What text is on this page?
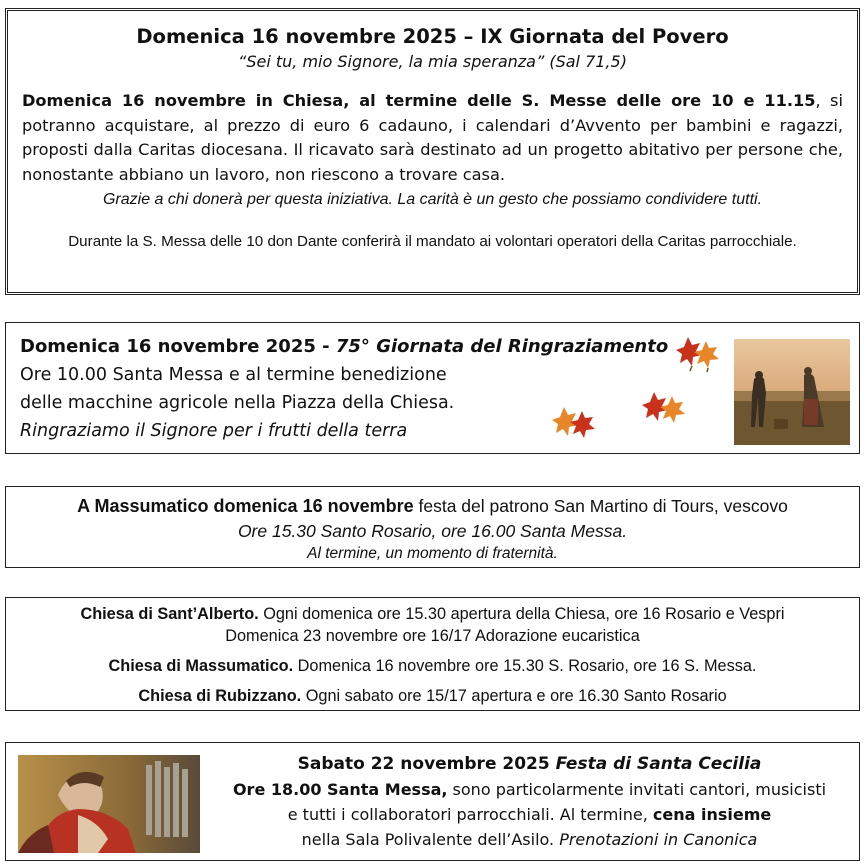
Domenica 16 novembre 2025 – IX Giornata del Povero
“Sei tu, mio Signore, la mia speranza” (Sal 71,5)
Domenica 16 novembre in Chiesa, al termine delle S. Messe delle ore 10 e 11.15, si potranno acquistare, al prezzo di euro 6 cadauno, i calendari d’Avvento per bambini e ragazzi, proposti dalla Caritas diocesana. Il ricavato sarà destinato ad un progetto abitativo per persone che, nonostante abbiano un lavoro, non riescono a trovare casa.
Grazie a chi donerà per questa iniziativa. La carità è un gesto che possiamo condividere tutti.
Durante la S. Messa delle 10 don Dante conferirà il mandato ai volontari operatori della Caritas parrocchiale.
Domenica 16 novembre 2025 - 75° Giornata del Ringraziamento
Ore 10.00 Santa Messa e al termine benedizione
delle macchine agricole nella Piazza della Chiesa.
Ringraziamo il Signore per i frutti della terra
A Massumatico domenica 16 novembre festa del patrono San Martino di Tours, vescovo
Ore 15.30 Santo Rosario, ore 16.00 Santa Messa.
Al termine, un momento di fraternità.
Chiesa di Sant’Alberto. Ogni domenica ore 15.30 apertura della Chiesa, ore 16 Rosario e Vespri
Domenica 23 novembre ore 16/17 Adorazione eucaristica
Chiesa di Massumatico. Domenica 16 novembre ore 15.30 S. Rosario, ore 16 S. Messa.
Chiesa di Rubizzano. Ogni sabato ore 15/17 apertura e ore 16.30 Santo Rosario
Sabato 22 novembre 2025 Festa di Santa Cecilia
Ore 18.00 Santa Messa, sono particolarmente invitati cantori, musicisti
e tutti i collaboratori parrocchiali. Al termine, cena insieme
nella Sala Polivalente dell’Asilo. Prenotazioni in Canonica
